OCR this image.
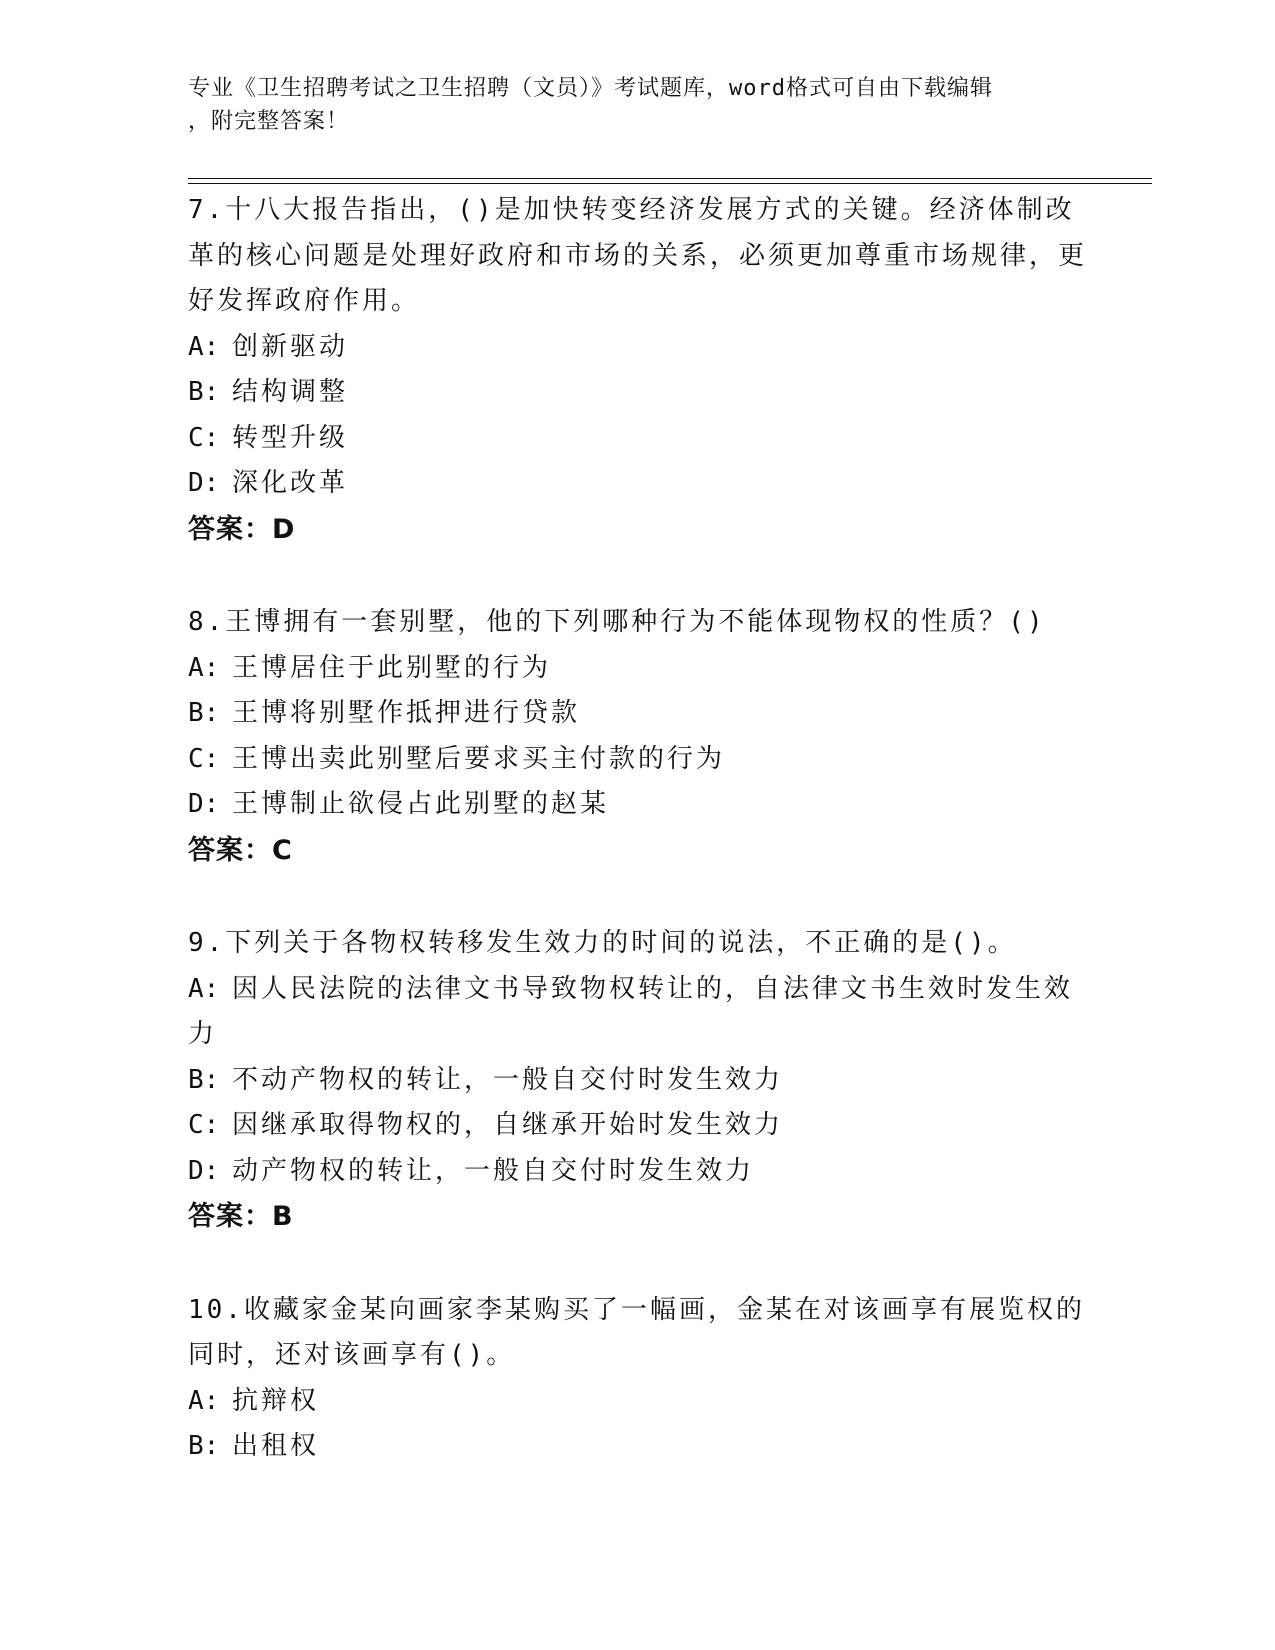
专业《卫生招聘考试之卫生招聘（文员）》考试题库，word格式可自由下载编辑
，附完整答案！

7.十八大报告指出，()是加快转变经济发展方式的关键。经济体制改革的核心问题是处理好政府和市场的关系，必须更加尊重市场规律，更好发挥政府作用。

A: 创新驱动

B: 结构调整

C: 转型升级

D: 深化改革

答案：D

8.王博拥有一套别墅，他的下列哪种行为不能体现物权的性质？()

A: 王博居住于此别墅的行为

B: 王博将别墅作抵押进行贷款

C: 王博出卖此别墅后要求买主付款的行为

D: 王博制止欲侵占此别墅的赵某

答案：C

9.下列关于各物权转移发生效力的时间的说法，不正确的是()。

A: 因人民法院的法律文书导致物权转让的，自法律文书生效时发生效力

B: 不动产物权的转让，一般自交付时发生效力

C: 因继承取得物权的，自继承开始时发生效力

D: 动产物权的转让，一般自交付时发生效力

答案：B

10.收藏家金某向画家李某购买了一幅画，金某在对该画享有展览权的同时，还对该画享有()。

A: 抗辩权

B: 出租权
